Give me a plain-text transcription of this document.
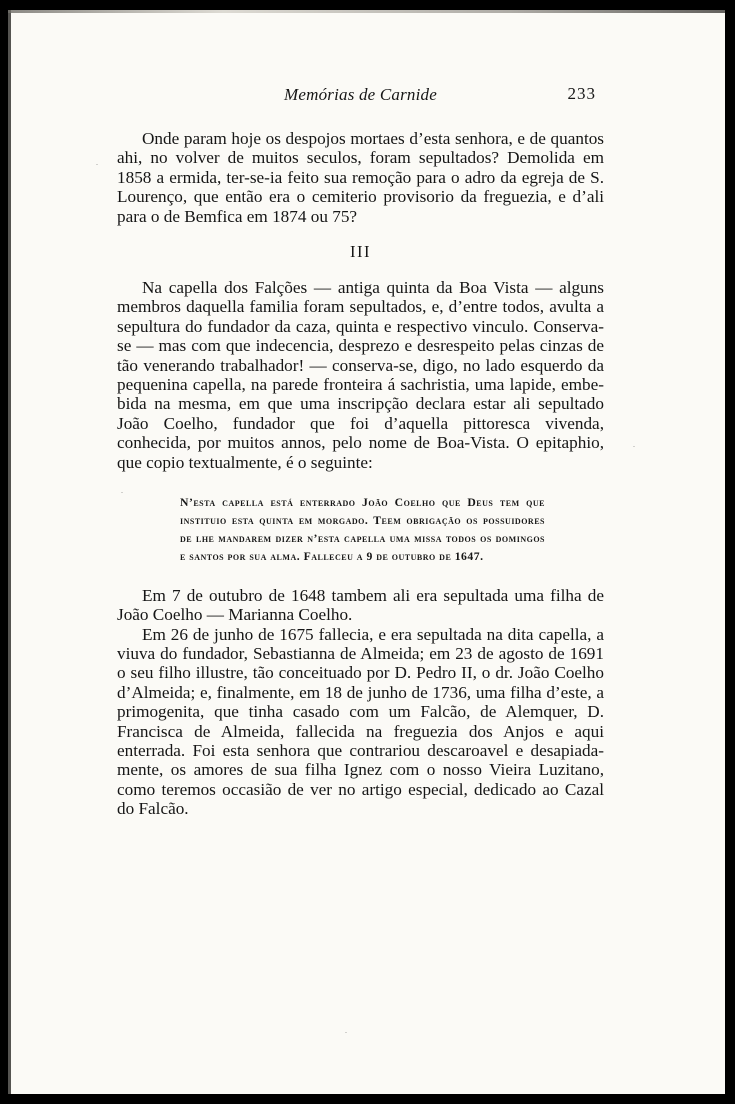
Memórias de Carnide	233

Onde param hoje os despojos mortaes d’esta senhora, e de quantos ahi, no volver de muitos seculos, foram sepultados? Demolida em 1858 a ermida, ter-se-ia feito sua remoção para o adro da egreja de S. Lourenço, que então era o cemiterio provisorio da freguezia, e d’ali para o de Bemfica em 1874 ou 75?

III

Na capella dos Falções — antiga quinta da Boa Vista — alguns membros daquella familia foram sepultados, e, d’entre todos, avulta a sepultura do fundador da caza, quinta e respectivo vinculo. Conserva-se — mas com que indecencia, desprezo e desrespeito pelas cinzas de tão venerando trabalhador! — conserva-se, digo, no lado esquerdo da pequenina capella, na parede fronteira á sachristia, uma lapide, embebida na mesma, em que uma inscripção declara estar ali sepultado João Coelho, fundador que foi d’aquella pittoresca vivenda, conhecida, por muitos annos, pelo nome de Boa-Vista. O epitaphio, que copio textualmente, é o seguinte:

N’esta capella está enterrado João Coelho que Deus tem que instituio esta quinta em morgado. Teem obrigação os possuidores de lhe mandarem dizer n’esta capella uma missa todos os domingos e santos por sua alma. Falleceu a 9 de outubro de 1647.

Em 7 de outubro de 1648 tambem ali era sepultada uma filha de João Coelho — Marianna Coelho.

Em 26 de junho de 1675 fallecia, e era sepultada na dita capella, a viuva do fundador, Sebastianna de Almeida; em 23 de agosto de 1691 o seu filho illustre, tão conceituado por D. Pedro II, o dr. João Coelho d’Almeida; e, finalmente, em 18 de junho de 1736, uma filha d’este, a primogenita, que tinha casado com um Falcão, de Alemquer, D. Francisca de Almeida, fallecida na freguezia dos Anjos e aqui enterrada. Foi esta senhora que contrariou descaroavel e desapiadamente, os amores de sua filha Ignez com o nosso Vieira Luzitano, como teremos occasião de ver no artigo especial, dedicado ao Cazal do Falcão.

.
.
.
.
